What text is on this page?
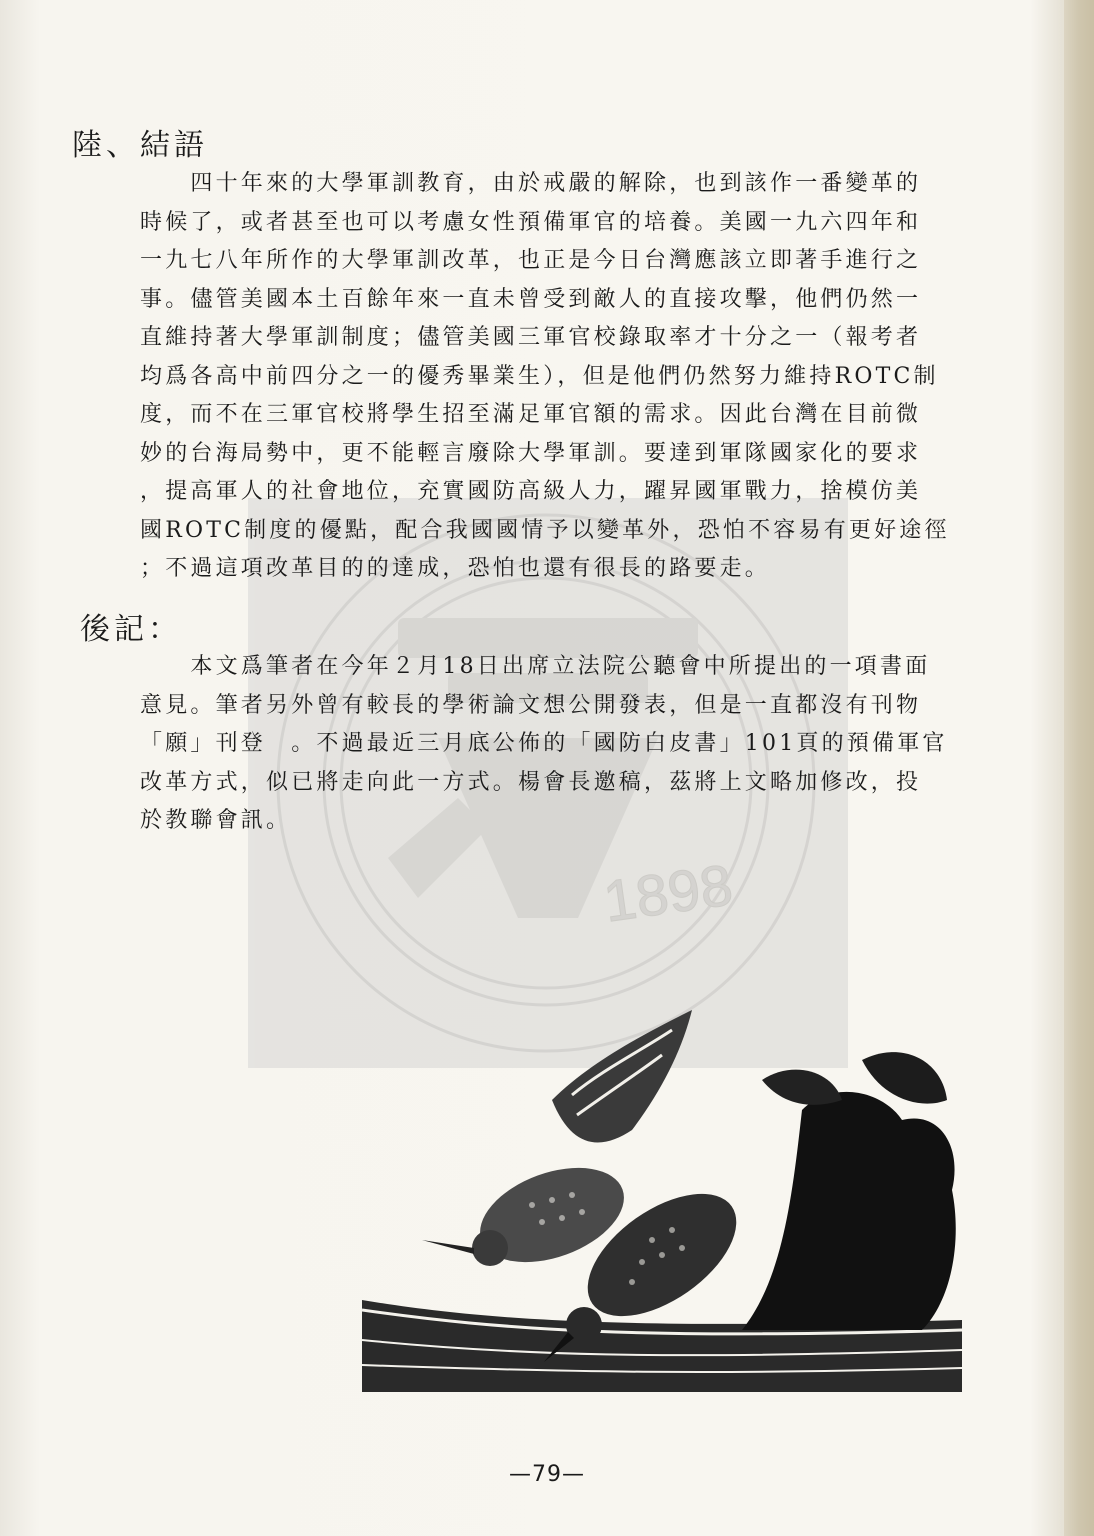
1898
陸、結語
　　四十年來的大學軍訓教育，由於戒嚴的解除，也到該作一番變革的
時候了，或者甚至也可以考慮女性預備軍官的培養。美國一九六四年和
一九七八年所作的大學軍訓改革，也正是今日台灣應該立即著手進行之
事。儘管美國本土百餘年來一直未曾受到敵人的直接攻擊，他們仍然一
直維持著大學軍訓制度；儘管美國三軍官校錄取率才十分之一（報考者
均爲各高中前四分之一的優秀畢業生），但是他們仍然努力維持ROTC制
度，而不在三軍官校將學生招至滿足軍官額的需求。因此台灣在目前微
妙的台海局勢中，更不能輕言廢除大學軍訓。要達到軍隊國家化的要求
，提高軍人的社會地位，充實國防高級人力，躍昇國軍戰力，捨模仿美
國ROTC制度的優點，配合我國國情予以變革外，恐怕不容易有更好途徑
；不過這項改革目的的達成，恐怕也還有很長的路要走。
後記：
　　本文爲筆者在今年２月18日出席立法院公聽會中所提出的一項書面
意見。筆者另外曾有較長的學術論文想公開發表，但是一直都沒有刊物
「願」刊登　。不過最近三月底公佈的「國防白皮書」101頁的預備軍官
改革方式，似已將走向此一方式。楊會長邀稿，茲將上文略加修改，投
於教聯會訊。
—79—
